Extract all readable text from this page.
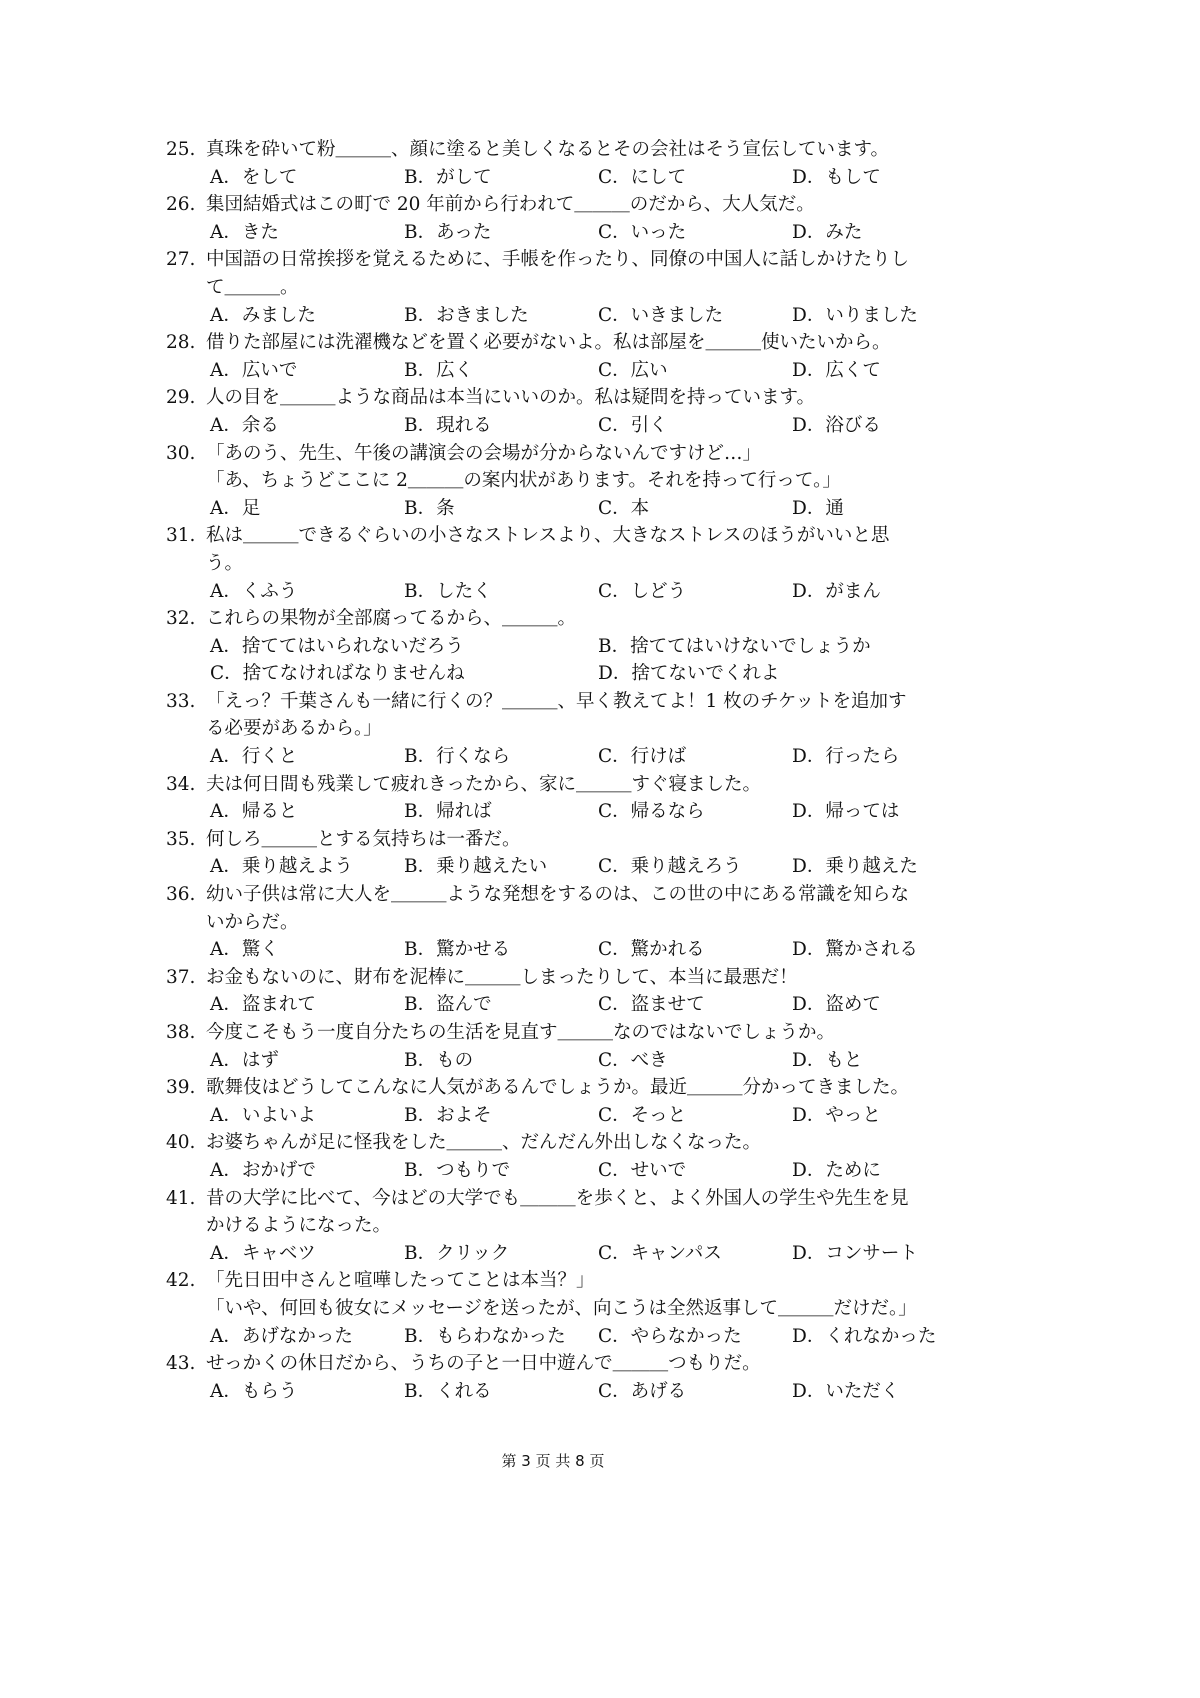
25. 真珠を砕いて粉＿＿＿、顔に塗ると美しくなるとその会社はそう宣伝しています。
A．をして	B．がして	C．にして	D．もして
26. 集団結婚式はこの町で 20 年前から行われて＿＿＿のだから、大人気だ。
A．きた	B．あった	C．いった	D．みた
27. 中国語の日常挨拶を覚えるために、手帳を作ったり、同僚の中国人に話しかけたりし
て＿＿＿。
A．みました	B．おきました	C．いきました	D．いりました
28. 借りた部屋には洗濯機などを置く必要がないよ。私は部屋を＿＿＿使いたいから。
A．広いで	B．広く	C．広い	D．広くて
29. 人の目を＿＿＿ような商品は本当にいいのか。私は疑問を持っています。
A．余る	B．現れる	C．引く	D．浴びる
30. 「あのう、先生、午後の講演会の会場が分からないんですけど…」
「あ、ちょうどここに 2＿＿＿の案内状があります。それを持って行って。」
A．足	B．条	C．本	D．通
31. 私は＿＿＿できるぐらいの小さなストレスより、大きなストレスのほうがいいと思
う。
A．くふう	B．したく	C．しどう	D．がまん
32. これらの果物が全部腐ってるから、＿＿＿。
A．捨ててはいられないだろう	B．捨ててはいけないでしょうか
C．捨てなければなりませんね	D．捨てないでくれよ
33. 「えっ？千葉さんも一緒に行くの？＿＿＿、早く教えてよ！1 枚のチケットを追加す
る必要があるから。」
A．行くと	B．行くなら	C．行けば	D．行ったら
34. 夫は何日間も残業して疲れきったから、家に＿＿＿すぐ寝ました。
A．帰ると	B．帰れば	C．帰るなら	D．帰っては
35. 何しろ＿＿＿とする気持ちは一番だ。
A．乗り越えよう	B．乗り越えたい	C．乗り越えろう	D．乗り越えた
36. 幼い子供は常に大人を＿＿＿ような発想をするのは、この世の中にある常識を知らな
いからだ。
A．驚く	B．驚かせる	C．驚かれる	D．驚かされる
37. お金もないのに、財布を泥棒に＿＿＿しまったりして、本当に最悪だ！
A．盗まれて	B．盗んで	C．盗ませて	D．盗めて
38. 今度こそもう一度自分たちの生活を見直す＿＿＿なのではないでしょうか。
A．はず	B．もの	C．べき	D．もと
39. 歌舞伎はどうしてこんなに人気があるんでしょうか。最近＿＿＿分かってきました。
A．いよいよ	B．およそ	C．そっと	D．やっと
40. お婆ちゃんが足に怪我をした＿＿＿、だんだん外出しなくなった。
A．おかげで	B．つもりで	C．せいで	D．ために
41. 昔の大学に比べて、今はどの大学でも＿＿＿を歩くと、よく外国人の学生や先生を見
かけるようになった。
A．キャベツ	B．クリック	C．キャンパス	D．コンサート
42. 「先日田中さんと喧嘩したってことは本当？」
「いや、何回も彼女にメッセージを送ったが、向こうは全然返事して＿＿＿だけだ。」
A．あげなかった	B．もらわなかった	C．やらなかった	D．くれなかった
43. せっかくの休日だから、うちの子と一日中遊んで＿＿＿つもりだ。
A．もらう	B．くれる	C．あげる	D．いただく
第 3 页 共 8 页
